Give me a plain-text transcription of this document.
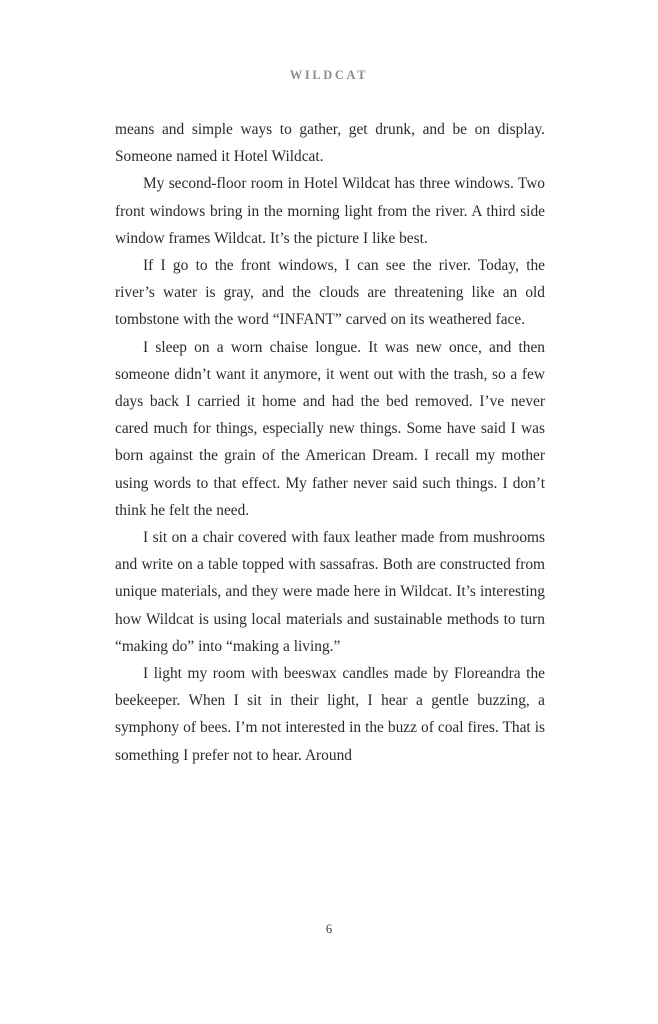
WILDCAT

means and simple ways to gather, get drunk, and be on display. Someone named it Hotel Wildcat.

My second-floor room in Hotel Wildcat has three windows. Two front windows bring in the morning light from the river. A third side window frames Wildcat. It’s the picture I like best.

If I go to the front windows, I can see the river. Today, the river’s water is gray, and the clouds are threatening like an old tombstone with the word “INFANT” carved on its weathered face.

I sleep on a worn chaise longue. It was new once, and then someone didn’t want it anymore, it went out with the trash, so a few days back I carried it home and had the bed removed. I’ve never cared much for things, especially new things. Some have said I was born against the grain of the American Dream. I recall my mother using words to that effect. My father never said such things. I don’t think he felt the need.

I sit on a chair covered with faux leather made from mushrooms and write on a table topped with sassafras. Both are constructed from unique materials, and they were made here in Wildcat. It’s interesting how Wildcat is using local materials and sustainable methods to turn “making do” into “making a living.”

I light my room with beeswax candles made by Floreandra the beekeeper. When I sit in their light, I hear a gentle buzzing, a symphony of bees. I’m not interested in the buzz of coal fires. That is something I prefer not to hear. Around

6
